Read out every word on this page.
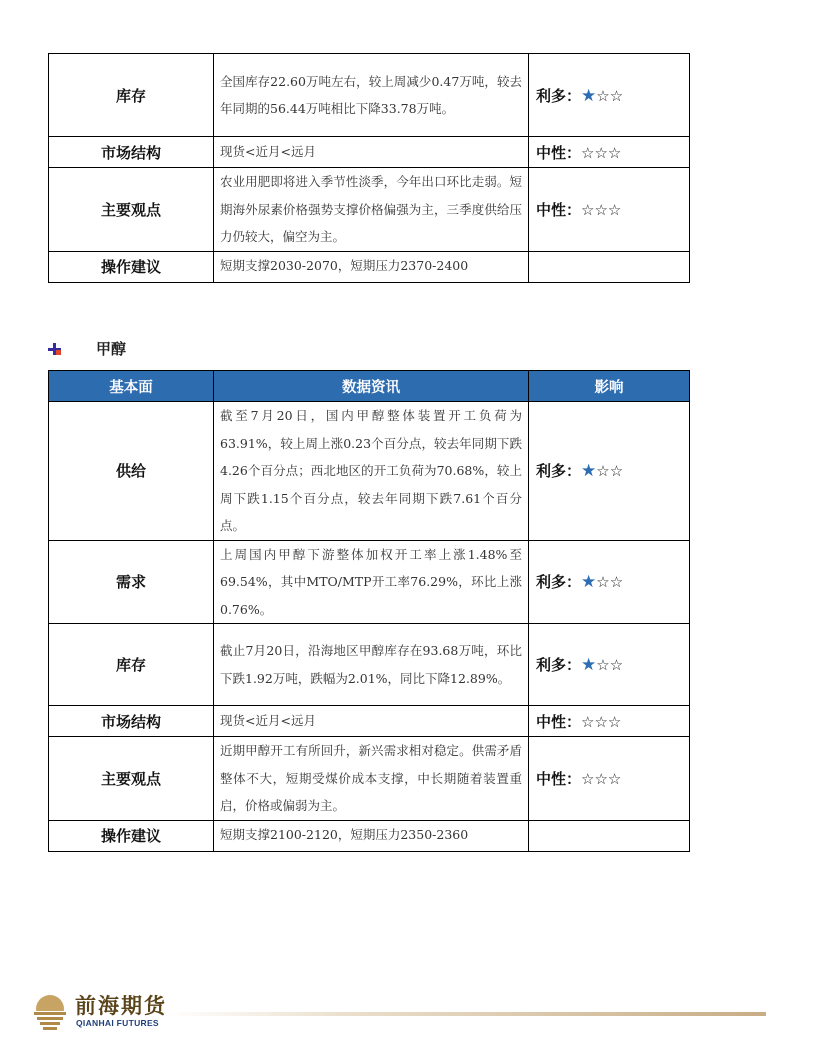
库存	全国库存22.60万吨左右，较上周减少0.47万吨，较去年同期的56.44万吨相比下降33.78万吨。	利多：★☆☆
市场结构	现货<近月<远月	中性：☆☆☆
主要观点	农业用肥即将进入季节性淡季，今年出口环比走弱。短期海外尿素价格强势支撑价格偏强为主，三季度供给压力仍较大，偏空为主。	中性：☆☆☆
操作建议	短期支撑2030-2070，短期压力2370-2400	
甲醇
基本面	数据资讯	影响
供给	截至7月20日，国内甲醇整体装置开工负荷为63.91%，较上周上涨0.23个百分点，较去年同期下跌4.26个百分点；西北地区的开工负荷为70.68%，较上周下跌1.15个百分点，较去年同期下跌7.61个百分点。	利多：★☆☆
需求	上周国内甲醇下游整体加权开工率上涨1.48%至69.54%，其中MTO/MTP开工率76.29%，环比上涨0.76%。	利多：★☆☆
库存	截止7月20日，沿海地区甲醇库存在93.68万吨，环比下跌1.92万吨，跌幅为2.01%，同比下降12.89%。	利多：★☆☆
市场结构	现货<近月<远月	中性：☆☆☆
主要观点	近期甲醇开工有所回升，新兴需求相对稳定。供需矛盾整体不大，短期受煤价成本支撑，中长期随着装置重启，价格或偏弱为主。	中性：☆☆☆
操作建议	短期支撑2100-2120，短期压力2350-2360	
前海期货
QIANHAI FUTURES
